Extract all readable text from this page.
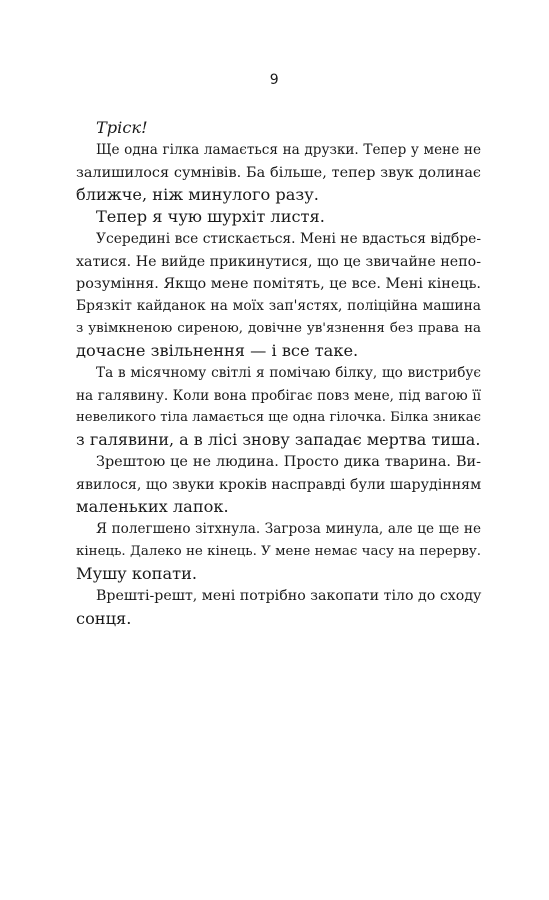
9

Тріск!

Ще одна гілка ламається на друзки. Тепер у мене не
залишилося сумнівів. Ба більше, тепер звук долинає
ближче, ніж минулого разу.

Тепер я чую шурхіт листя.

Усередині все стискається. Мені не вдасться відбре-
хатися. Не вийде прикинутися, що це звичайне непо-
розуміння. Якщо мене помітять, це все. Мені кінець.
Брязкіт кайданок на моїх зап'ястях, поліційна машина
з увімкненою сиреною, довічне ув'язнення без права на
дочасне звільнення — і все таке.

Та в місячному світлі я помічаю білку, що вистрибує
на галявину. Коли вона пробігає повз мене, під вагою її
невеликого тіла ламається ще одна гілочка. Білка зникає
з галявини, а в лісі знову западає мертва тиша.

Зрештою це не людина. Просто дика тварина. Ви-
явилося, що звуки кроків насправді були шарудінням
маленьких лапок.

Я полегшено зітхнула. Загроза минула, але це ще не
кінець. Далеко не кінець. У мене немає часу на перерву.
Мушу копати.

Врешті-решт, мені потрібно закопати тіло до сходу
сонця.
